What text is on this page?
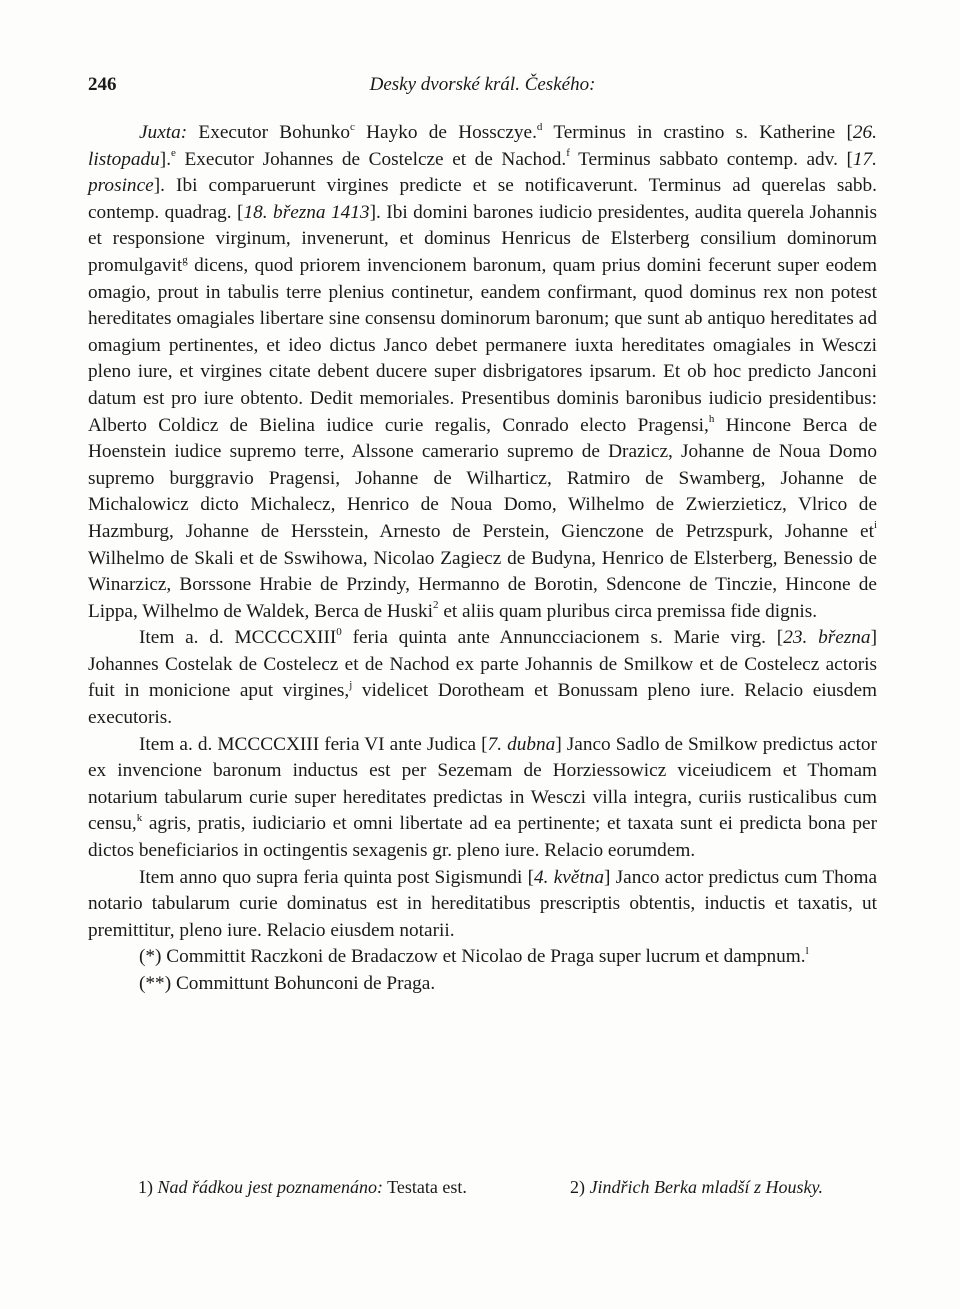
246	Desky dvorské král. Českého:

Juxta: Executor Bohunko$^c$ Hayko de Hossczye.$^d$ Terminus in crastino s. Katherine [26. listopadu].$^e$ Executor Johannes de Costelcze et de Nachod.$^f$ Terminus sabbato contemp. adv. [17. prosince]. Ibi comparuerunt virgines predicte et se notificaverunt. Terminus ad querelas sabb. contemp. quadrag. [18. března 1413]. Ibi domini barones iudicio presidentes, audita querela Johannis et responsione virginum, invenerunt, et dominus Henricus de Elsterberg consilium dominorum promulgavit$^g$ dicens, quod priorem invencionem baronum, quam prius domini fecerunt super eodem omagio, prout in tabulis terre plenius continetur, eandem confirmant, quod dominus rex non potest hereditates omagiales libertare sine consensu dominorum baronum; que sunt ab antiquo hereditates ad omagium pertinentes, et ideo dictus Janco debet permanere iuxta hereditates omagiales in Wesczi pleno iure, et virgines citate debent ducere super disbrigatores ipsarum. Et ob hoc predicto Janconi datum est pro iure obtento. Dedit memoriales. Presentibus dominis baronibus iudicio presidentibus: Alberto Coldicz de Bielina iudice curie regalis, Conrado electo Pragensi,$^h$ Hincone Berca de Hoenstein iudice supremo terre, Alssone camerario supremo de Drazicz, Johanne de Noua Domo supremo burggravio Pragensi, Johanne de Wilharticz, Ratmiro de Swamberg, Johanne de Michalowicz dicto Michalecz, Henrico de Noua Domo, Wilhelmo de Zwierzieticz, Vlrico de Hazmburg, Johanne de Hersstein, Arnesto de Perstein, Gienczone de Petrzspurk, Johanne $et^i$ Wilhelmo de Skali et de Sswihowa, Nicolao Zagiecz de Budyna, Henrico de Elsterberg, Benessio de Winarzicz, Borssone Hrabie de Przindy, Hermanno de Borotin, Sdencone de Tinczie, Hincone de Lippa, Wilhelmo de Waldek, Berca de Huski$^2$ et aliis quam pluribus circa premissa fide dignis.

Item a. d. MCCCCXIII$^0$ feria quinta ante Annuncciacionem s. Marie virg. [23. března] Johannes Costelak de Costelecz et de Nachod ex parte Johannis de Smilkow et de Costelecz actoris fuit in monicione aput virgines,$^j$ videlicet Dorotheam et Bonussam pleno iure. Relacio eiusdem executoris.

Item a. d. MCCCCXIII feria VI ante Judica [7. dubna] Janco Sadlo de Smilkow predictus actor ex invencione baronum inductus est per Sezemam de Horziessowicz viceiudicem et Thomam notarium tabularum curie super hereditates predictas in Wesczi villa integra, curiis rusticalibus cum censu,$^k$ agris, pratis, iudiciario et omni libertate ad ea pertinente; et taxata sunt ei predicta bona per dictos beneficiarios in octingentis sexagenis gr. pleno iure. Relacio eorumdem.

Item anno quo supra feria quinta post Sigismundi [4. května] Janco actor predictus cum Thoma notario tabularum curie dominatus est in hereditatibus prescriptis obtentis, inductis et taxatis, ut premittitur, pleno iure. Relacio eiusdem notarii.

(*) Committit Raczkoni de Bradaczow et Nicolao de Praga super lucrum et dampnum.$^l$

(**) Committunt Bohunconi de Praga.

1) Nad řádkou jest poznamenáno: Testata est.	2) Jindřich Berka mladší z Housky.
